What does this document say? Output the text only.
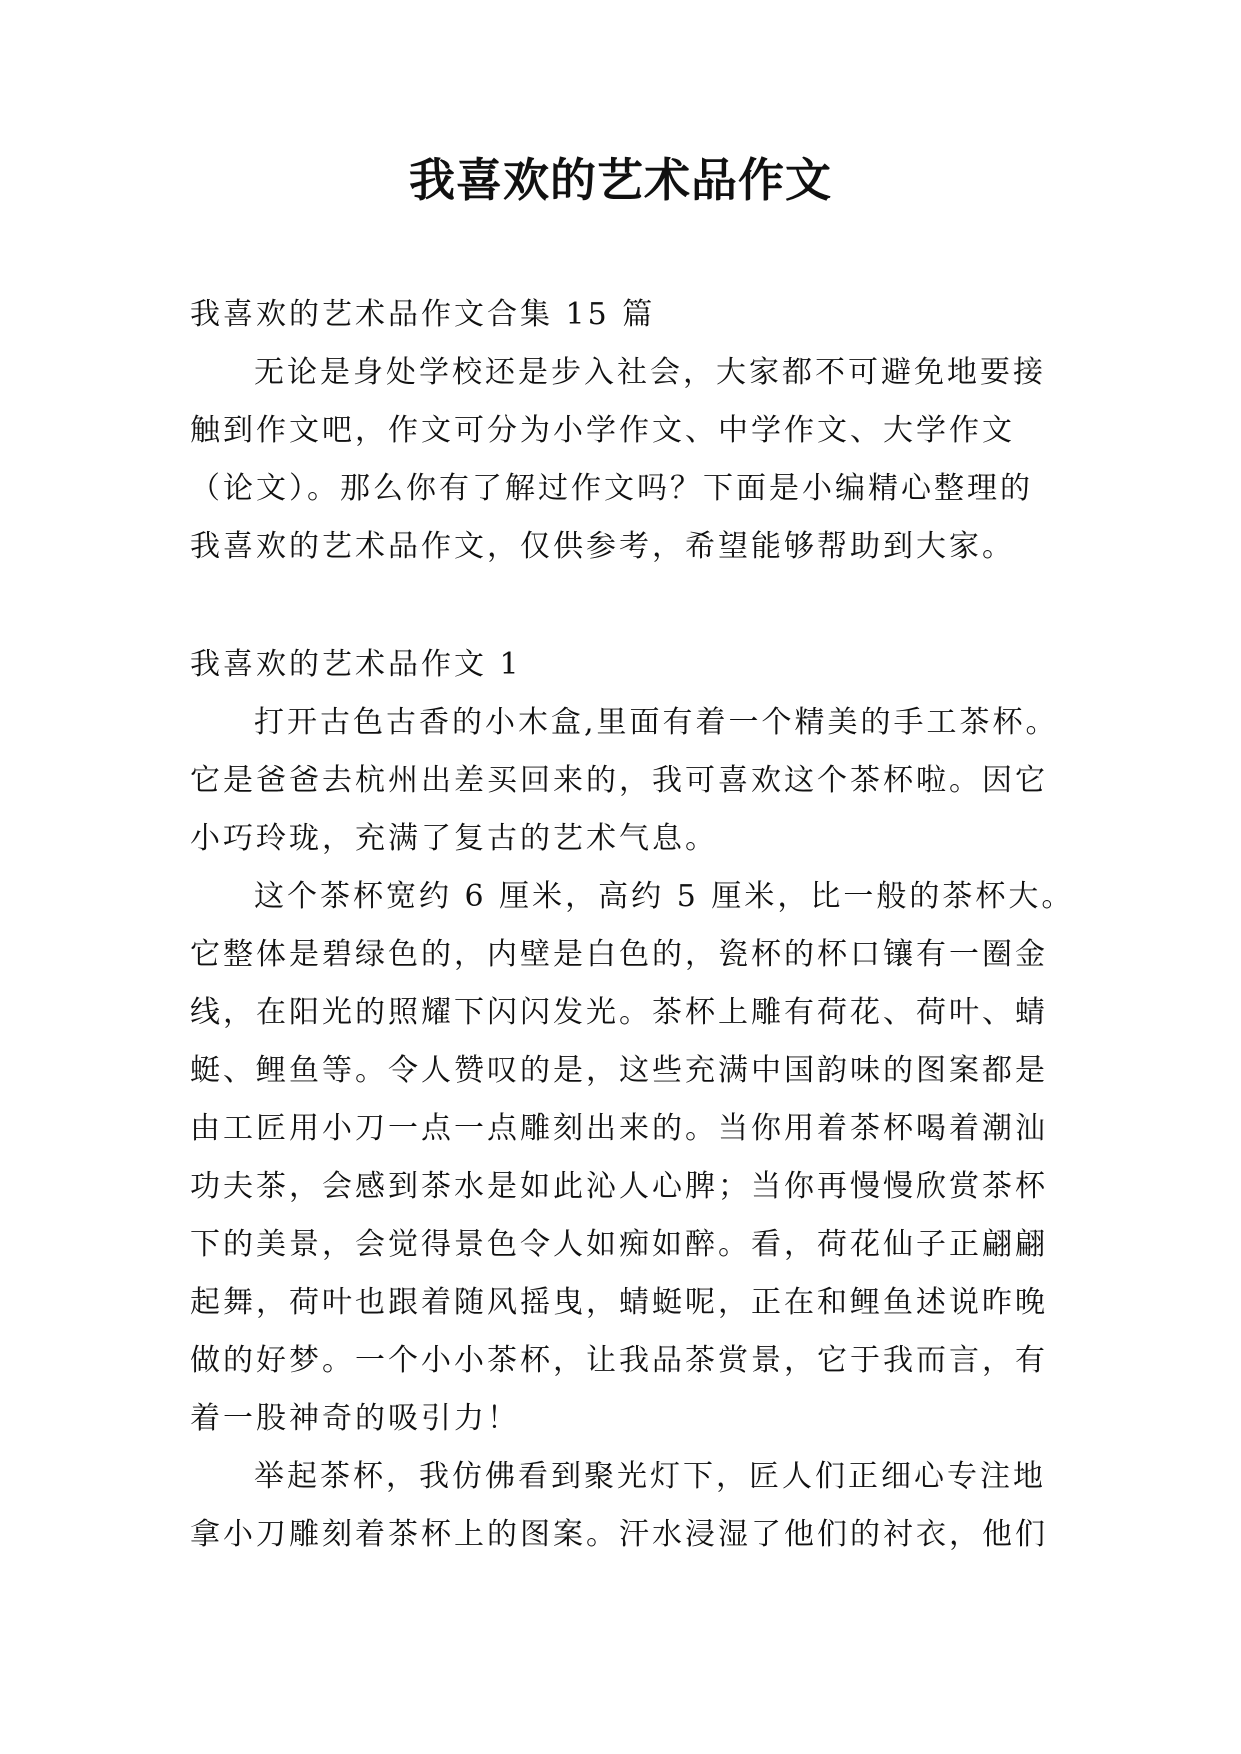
我喜欢的艺术品作文
我喜欢的艺术品作文合集 15 篇
无论是身处学校还是步入社会，大家都不可避免地要接
触到作文吧，作文可分为小学作文、中学作文、大学作文
（论文）。那么你有了解过作文吗？下面是小编精心整理的
我喜欢的艺术品作文，仅供参考，希望能够帮助到大家。
我喜欢的艺术品作文 1
打开古色古香的小木盒,里面有着一个精美的手工茶杯。
它是爸爸去杭州出差买回来的，我可喜欢这个茶杯啦。因它
小巧玲珑，充满了复古的艺术气息。
这个茶杯宽约 6 厘米，高约 5 厘米，比一般的茶杯大。
它整体是碧绿色的，内壁是白色的，瓷杯的杯口镶有一圈金
线，在阳光的照耀下闪闪发光。茶杯上雕有荷花、荷叶、蜻
蜓、鲤鱼等。令人赞叹的是，这些充满中国韵味的图案都是
由工匠用小刀一点一点雕刻出来的。当你用着茶杯喝着潮汕
功夫茶，会感到茶水是如此沁人心脾；当你再慢慢欣赏茶杯
下的美景，会觉得景色令人如痴如醉。看，荷花仙子正翩翩
起舞，荷叶也跟着随风摇曳，蜻蜓呢，正在和鲤鱼述说昨晚
做的好梦。一个小小茶杯，让我品茶赏景，它于我而言，有
着一股神奇的吸引力！
举起茶杯，我仿佛看到聚光灯下，匠人们正细心专注地
拿小刀雕刻着茶杯上的图案。汗水浸湿了他们的衬衣，他们
